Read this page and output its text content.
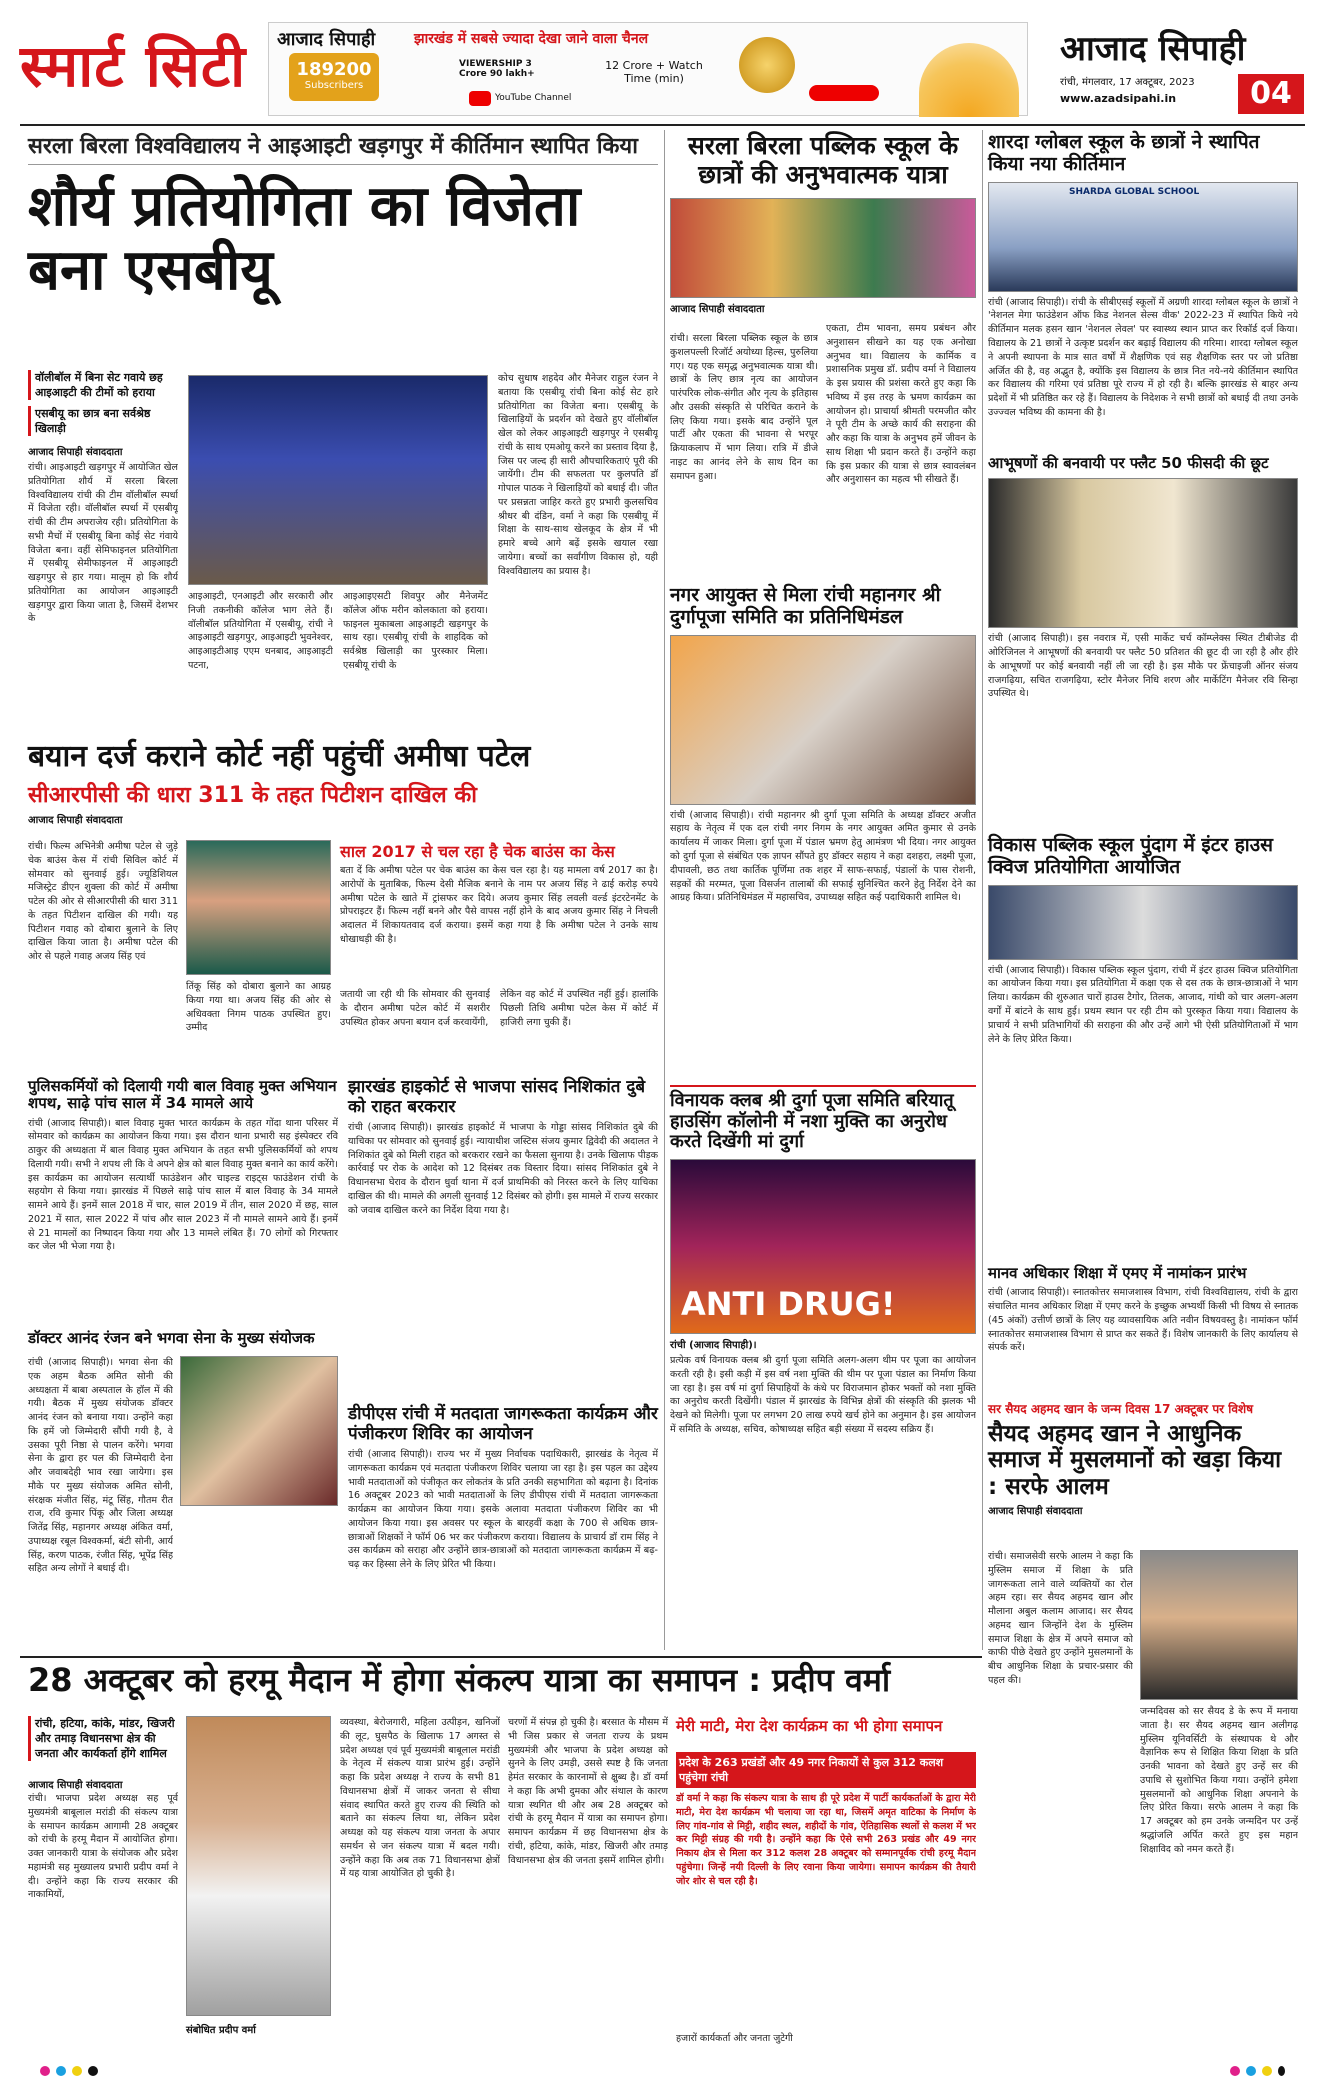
स्मार्ट सिटी आजाद सिपाही
189200
Subscribers
झारखंड में सबसे ज्यादा देखा जाने वाला चैनल
VIEWERSHIP 3 Crore 90 lakh+
12 Crore + Watch Time (min)
YouTube Channel
आजाद सिपाही
रांची, मंगलवार, 17 अक्टूबर, 2023
www.azadsipahi.in	04
सरला बिरला विश्वविद्यालय ने आइआइटी खड़गपुर में कीर्तिमान स्थापित किया
शौर्य प्रतियोगिता का विजेता बना एसबीयू
वॉलीबॉल में बिना सेट गवाये छह आइआइटी की टीमों को हराया
एसबीयू का छात्र बना सर्वश्रेष्ठ खिलाड़ी
आजाद सिपाही संवाददाता
रांची। आइआइटी खड़गपुर में आयोजित खेल प्रतियोगिता शौर्य में सरला बिरला विश्वविद्यालय रांची की टीम वॉलीबॉल स्पर्धा में विजेता रही। वॉलीबॉल स्पर्धा में एसबीयू रांची की टीम अपराजेय रही। प्रतियोगिता के सभी मैचों में एसबीयू बिना कोई सेट गंवाये विजेता बना। वहीं सेमिफाइनल प्रतियोगिता में एसबीयू सेमीफाइनल में आइआइटी खड़गपुर से हार गया। मालूम हो कि शौर्य प्रतियोगिता का आयोजन आइआइटी खड़गपुर द्वारा किया जाता है, जिसमें देशभर के
कोच सुधाष शहदेव और मैनेजर राहुल रंजन ने बताया कि एसबीयू रांची बिना कोई सेट हारे प्रतियोगिता का विजेता बना। एसबीयू के खिलाड़ियों के प्रदर्शन को देखते हुए वॉलीबॉल खेल को लेकर आइआइटी खड़गपुर ने एसबीयू रांची के साथ एमओयू करने का प्रस्ताव दिया है, जिस पर जल्द ही सारी औपचारिकताएं पूरी की जायेंगी। टीम की सफलता पर कुलपति डॉ गोपाल पाठक ने खिलाड़ियों को बधाई दी। जीत पर प्रसन्नता जाहिर करते हुए प्रभारी कुलसचिव श्रीधर बी दंडिन, वर्मा ने कहा कि एसबीयू में शिक्षा के साथ-साथ खेलकूद के क्षेत्र में भी हमारे बच्चे आगे बढ़ें इसके खयाल रखा जायेगा। बच्चों का सर्वांगीण विकास हो, यही विश्वविद्यालय का प्रयास है।
आइआइटी, एनआइटी और सरकारी और निजी तकनीकी कॉलेज भाग लेते हैं। वॉलीबॉल प्रतियोगिता में एसबीयू, रांची ने आइआइटी खड़गपुर, आइआइटी भुवनेश्वर, आइआइटीआइ एएम धनबाद, आइआइटी पटना,
आइआइएसटी शिवपुर और मैनेजमेंट कॉलेज ऑफ मरीन कोलकाता को हराया। फाइनल मुकाबला आइआइटी खड़गपुर के साथ रहा। एसबीयू रांची के शाहदिक को सर्वश्रेष्ठ खिलाड़ी का पुरस्कार मिला। एसबीयू रांची के
सरला बिरला पब्लिक स्कूल के छात्रों की अनुभवात्मक यात्रा
आजाद सिपाही संवाददाता
रांची। सरला बिरला पब्लिक स्कूल के छात्र कुशलपल्ली रिजॉर्ट अयोध्या हिल्स, पुरुलिया गए। यह एक समृद्ध अनुभवात्मक यात्रा थी। छात्रों के लिए छात्र नृत्य का आयोजन पारंपरिक लोक-संगीत और नृत्य के इतिहास और उसकी संस्कृति से परिचित कराने के लिए किया गया। इसके बाद उन्होंने पूल पार्टी और एकता की भावना से भरपूर क्रियाकलाप में भाग लिया। रात्रि में डीजे नाइट का आनंद लेने के साथ दिन का समापन हुआ।
एकता, टीम भावना, समय प्रबंधन और अनुशासन सीखने का यह एक अनोखा अनुभव था। विद्यालय के कार्मिक व प्रशासनिक प्रमुख डॉ. प्रदीप वर्मा ने विद्यालय के इस प्रयास की प्रशंसा करते हुए कहा कि भविष्य में इस तरह के भ्रमण कार्यक्रम का आयोजन हो। प्राचार्या श्रीमती परमजीत कौर ने पूरी टीम के अच्छे कार्य की सराहना की और कहा कि यात्रा के अनुभव हमें जीवन के साथ शिक्षा भी प्रदान करते हैं। उन्होंने कहा कि इस प्रकार की यात्रा से छात्र स्वावलंबन और अनुशासन का महत्व भी सीखते हैं।
नगर आयुक्त से मिला रांची महानगर श्री दुर्गापूजा समिति का प्रतिनिधिमंडल
रांची (आजाद सिपाही)। रांची महानगर श्री दुर्गा पूजा समिति के अध्यक्ष डॉक्टर अजीत सहाय के नेतृत्व में एक दल रांची नगर निगम के नगर आयुक्त अमित कुमार से उनके कार्यालय में जाकर मिला। दुर्गा पूजा में पंडाल भ्रमण हेतु आमंत्रण भी दिया। नगर आयुक्त को दुर्गा पूजा से संबंधित एक ज्ञापन सौंपते हुए डॉक्टर सहाय ने कहा दशहरा, लक्ष्मी पूजा, दीपावली, छठ तथा कार्तिक पूर्णिमा तक शहर में साफ-सफाई, पंडालों के पास रोशनी, सड़कों की मरम्मत, पूजा विसर्जन तालाबों की सफाई सुनिश्चित करने हेतु निर्देश देने का आग्रह किया। प्रतिनिधिमंडल में महासचिव, उपाध्यक्ष सहित कई पदाधिकारी शामिल थे।
विनायक क्लब श्री दुर्गा पूजा समिति बरियातू हाउसिंग कॉलोनी में नशा मुक्ति का अनुरोध करते दिखेंगी मां दुर्गा
ANTI DRUG!
रांची (आजाद सिपाही)।
प्रत्येक वर्ष विनायक क्लब श्री दुर्गा पूजा समिति अलग-अलग थीम पर पूजा का आयोजन करती रही है। इसी कड़ी में इस वर्ष नशा मुक्ति की थीम पर पूजा पंडाल का निर्माण किया जा रहा है। इस वर्ष मां दुर्गा सिपाहियों के कंधे पर विराजमान होकर भक्तों को नशा मुक्ति का अनुरोध करती दिखेंगी। पंडाल में झारखंड के विभिन्न क्षेत्रों की संस्कृति की झलक भी देखने को मिलेगी। पूजा पर लगभग 20 लाख रुपये खर्च होने का अनुमान है। इस आयोजन में समिति के अध्यक्ष, सचिव, कोषाध्यक्ष सहित बड़ी संख्या में सदस्य सक्रिय हैं।
शारदा ग्लोबल स्कूल के छात्रों ने स्थापित किया नया कीर्तिमान
SHARDA GLOBAL SCHOOL
रांची (आजाद सिपाही)। रांची के सीबीएसई स्कूलों में अग्रणी शारदा ग्लोबल स्कूल के छात्रों ने 'नेशनल मेगा फाउंडेशन ऑफ किड नेशनल सेल्स वीक' 2022-23 में स्थापित किये नये कीर्तिमान मलक हसन खान 'नेशनल लेवल' पर स्वास्थ्य स्थान प्राप्त कर रिकॉर्ड दर्ज किया। विद्यालय के 21 छात्रों ने उत्कृष्ट प्रदर्शन कर बढ़ाई विद्यालय की गरिमा। शारदा ग्लोबल स्कूल ने अपनी स्थापना के मात्र सात वर्षों में शैक्षणिक एवं सह शैक्षणिक स्तर पर जो प्रतिष्ठा अर्जित की है, वह अद्भुत है, क्योंकि इस विद्यालय के छात्र नित नये-नये कीर्तिमान स्थापित कर विद्यालय की गरिमा एवं प्रतिष्ठा पूरे राज्य में हो रही है। बल्कि झारखंड से बाहर अन्य प्रदेशों में भी प्रतिष्ठित कर रहे हैं। विद्यालय के निदेशक ने सभी छात्रों को बधाई दी तथा उनके उज्ज्वल भविष्य की कामना की है।
आभूषणों की बनवायी पर फ्लैट 50 फीसदी की छूट
रांची (आजाद सिपाही)। इस नवरात्र में, एसी मार्केट चर्च कॉम्प्लेक्स स्थित टीबीजेड दी ओरिजिनल ने आभूषणों की बनवायी पर फ्लैट 50 प्रतिशत की छूट दी जा रही है और हीरे के आभूषणों पर कोई बनवायी नहीं ली जा रही है। इस मौके पर फ्रेंचाइजी ऑनर संजय राजगढ़िया, सचित राजगढ़िया, स्टोर मैनेजर निधि शरण और मार्केटिंग मैनेजर रवि सिन्हा उपस्थित थे।
विकास पब्लिक स्कूल पुंदाग में इंटर हाउस क्विज प्रतियोगिता आयोजित
रांची (आजाद सिपाही)। विकास पब्लिक स्कूल पुंदाग, रांची में इंटर हाउस क्विज प्रतियोगिता का आयोजन किया गया। इस प्रतियोगिता में कक्षा एक से दस तक के छात्र-छात्राओं ने भाग लिया। कार्यक्रम की शुरुआत चारों हाउस टैगोर, तिलक, आजाद, गांधी को चार अलग-अलग वर्गों में बांटने के साथ हुई। प्रथम स्थान पर रही टीम को पुरस्कृत किया गया। विद्यालय के प्राचार्य ने सभी प्रतिभागियों की सराहना की और उन्हें आगे भी ऐसी प्रतियोगिताओं में भाग लेने के लिए प्रेरित किया।
मानव अधिकार शिक्षा में एमए में नामांकन प्रारंभ
रांची (आजाद सिपाही)। स्नातकोत्तर समाजशास्त्र विभाग, रांची विश्वविद्यालय, रांची के द्वारा संचालित मानव अधिकार शिक्षा में एमए करने के इच्छुक अभ्यर्थी किसी भी विषय से स्नातक (45 अंकों) उत्तीर्ण छात्रों के लिए यह व्यावसायिक अति नवीन विषयवस्तु है। नामांकन फॉर्म स्नातकोत्तर समाजशास्त्र विभाग से प्राप्त कर सकते हैं। विशेष जानकारी के लिए कार्यालय से संपर्क करें।
सर सैयद अहमद खान के जन्म दिवस 17 अक्टूबर पर विशेष
सैयद अहमद खान ने आधुनिक समाज में मुसलमानों को खड़ा किया : सरफे आलम
आजाद सिपाही संवाददाता
रांची। समाजसेवी सरफे आलम ने कहा कि मुस्लिम समाज में शिक्षा के प्रति जागरूकता लाने वाले व्यक्तियों का रोल अहम रहा। सर सैयद अहमद खान और मौलाना अबुल कलाम आजाद। सर सैयद अहमद खान जिन्होंने देश के मुस्लिम समाज शिक्षा के क्षेत्र में अपने समाज को काफी पीछे देखते हुए उन्होंने मुसलमानों के बीच आधुनिक शिक्षा के प्रचार-प्रसार की पहल की।
जन्मदिवस को सर सैयद डे के रूप में मनाया जाता है। सर सैयद अहमद खान अलीगढ़ मुस्लिम यूनिवर्सिटी के संस्थापक थे और वैज्ञानिक रूप से शिक्षित किया शिक्षा के प्रति उनकी भावना को देखते हुए उन्हें सर की उपाधि से सुशोभित किया गया। उन्होंने हमेशा मुसलमानों को आधुनिक शिक्षा अपनाने के लिए प्रेरित किया। सरफे आलम ने कहा कि 17 अक्टूबर को हम उनके जन्मदिन पर उन्हें श्रद्धांजलि अर्पित करते हुए इस महान शिक्षाविद को नमन करते हैं।
बयान दर्ज कराने कोर्ट नहीं पहुंचीं अमीषा पटेल
सीआरपीसी की धारा 311 के तहत पिटीशन दाखिल की
आजाद सिपाही संवाददाता
रांची। फिल्म अभिनेत्री अमीषा पटेल से जुड़े चेक बाउंस केस में रांची सिविल कोर्ट में सोमवार को सुनवाई हुई। ज्यूडिशियल मजिस्ट्रेट डीएन शुक्ला की कोर्ट में अमीषा पटेल की ओर से सीआरपीसी की धारा 311 के तहत पिटीशन दाखिल की गयी। यह पिटीशन गवाह को दोबारा बुलाने के लिए दाखिल किया जाता है। अमीषा पटेल की ओर से पहले गवाह अजय सिंह एवं
तिंकू सिंह को दोबारा बुलाने का आग्रह किया गया था। अजय सिंह की ओर से अधिवक्ता निगम पाठक उपस्थित हुए। उम्मीद
साल 2017 से चल रहा है चेक बाउंस का केस
बता दें कि अमीषा पटेल पर चेक बाउंस का केस चल रहा है। यह मामला वर्ष 2017 का है। आरोपों के मुताबिक, फिल्म देसी मैजिक बनाने के नाम पर अजय सिंह ने ढाई करोड़ रुपये अमीषा पटेल के खाते में ट्रांसफर कर दिये। अजय कुमार सिंह लवली वर्ल्ड इंटरटेनमेंट के प्रोपराइटर हैं। फिल्म नहीं बनने और पैसे वापस नहीं होने के बाद अजय कुमार सिंह ने निचली अदालत में शिकायतवाद दर्ज कराया। इसमें कहा गया है कि अमीषा पटेल ने उनके साथ धोखाधड़ी की है।
जतायी जा रही थी कि सोमवार की सुनवाई के दौरान अमीषा पटेल कोर्ट में सशरीर उपस्थित होकर अपना बयान दर्ज करवायेंगी,
लेकिन वह कोर्ट में उपस्थित नहीं हुई। हालांकि पिछली तिथि अमीषा पटेल केस में कोर्ट में हाजिरी लगा चुकी हैं।
पुलिसकर्मियों को दिलायी गयी बाल विवाह मुक्त अभियान शपथ, साढ़े पांच साल में 34 मामले आये
रांची (आजाद सिपाही)। बाल विवाह मुक्त भारत कार्यक्रम के तहत गोंदा थाना परिसर में सोमवार को कार्यक्रम का आयोजन किया गया। इस दौरान थाना प्रभारी सह इंस्पेक्टर रवि ठाकुर की अध्यक्षता में बाल विवाह मुक्त अभियान के तहत सभी पुलिसकर्मियों को शपथ दिलायी गयी। सभी ने शपथ ली कि वे अपने क्षेत्र को बाल विवाह मुक्त बनाने का कार्य करेंगे। इस कार्यक्रम का आयोजन सत्यार्थी फाउंडेशन और चाइल्ड राइट्स फाउंडेशन रांची के सहयोग से किया गया। झारखंड में पिछले साढ़े पांच साल में बाल विवाह के 34 मामले सामने आये हैं। इनमें साल 2018 में चार, साल 2019 में तीन, साल 2020 में छह, साल 2021 में सात, साल 2022 में पांच और साल 2023 में नौ मामले सामने आये हैं। इनमें से 21 मामलों का निष्पादन किया गया और 13 मामले लंबित हैं। 70 लोगों को गिरफ्तार कर जेल भी भेजा गया है।
डॉक्टर आनंद रंजन बने भगवा सेना के मुख्य संयोजक
रांची (आजाद सिपाही)। भगवा सेना की एक अहम बैठक अमित सोनी की अध्यक्षता में बाबा अस्पताल के हॉल में की गयी। बैठक में मुख्य संयोजक डॉक्टर आनंद रंजन को बनाया गया। उन्होंने कहा कि हमें जो जिम्मेदारी सौंपी गयी है, वे उसका पूरी निष्ठा से पालन करेंगे। भगवा सेना के द्वारा हर पल की जिम्मेदारी देना और जवाबदेही भाव रखा जायेगा। इस मौके पर मुख्य संयोजक अमित सोनी, संरक्षक मंजीत सिंह, मंटू सिंह, गौतम रीत राज, रवि कुमार पिंकू और जिला अध्यक्ष जितेंद्र सिंह, महानगर अध्यक्ष अंकित वर्मा, उपाध्यक्ष रबूल विश्वकर्मा, बंटी सोनी, आर्य सिंह, करण पाठक, रंजीत सिंह, भूपेंद्र सिंह सहित अन्य लोगों ने बधाई दी।
झारखंड हाइकोर्ट से भाजपा सांसद निशिकांत दुबे को राहत बरकरार
रांची (आजाद सिपाही)। झारखंड हाइकोर्ट में भाजपा के गोड्डा सांसद निशिकांत दुबे की याचिका पर सोमवार को सुनवाई हुई। न्यायाधीश जस्टिस संजय कुमार द्विवेदी की अदालत ने निशिकांत दुबे को मिली राहत को बरकरार रखने का फैसला सुनाया है। उनके खिलाफ पीड़क कार्रवाई पर रोक के आदेश को 12 दिसंबर तक विस्तार दिया। सांसद निशिकांत दुबे ने विधानसभा घेराव के दौरान धुर्वा थाना में दर्ज प्राथमिकी को निरस्त करने के लिए याचिका दाखिल की थी। मामले की अगली सुनवाई 12 दिसंबर को होगी। इस मामले में राज्य सरकार को जवाब दाखिल करने का निर्देश दिया गया है।
डीपीएस रांची में मतदाता जागरूकता कार्यक्रम और पंजीकरण शिविर का आयोजन
रांची (आजाद सिपाही)। राज्य भर में मुख्य निर्वाचक पदाधिकारी, झारखंड के नेतृत्व में जागरूकता कार्यक्रम एवं मतदाता पंजीकरण शिविर चलाया जा रहा है। इस पहल का उद्देश्य भावी मतदाताओं को पंजीकृत कर लोकतंत्र के प्रति उनकी सहभागिता को बढ़ाना है। दिनांक 16 अक्टूबर 2023 को भावी मतदाताओं के लिए डीपीएस रांची में मतदाता जागरूकता कार्यक्रम का आयोजन किया गया। इसके अलावा मतदाता पंजीकरण शिविर का भी आयोजन किया गया। इस अवसर पर स्कूल के बारहवीं कक्षा के 700 से अधिक छात्र-छात्राओं शिक्षकों ने फॉर्म 06 भर कर पंजीकरण कराया। विद्यालय के प्राचार्य डॉ राम सिंह ने उस कार्यक्रम को सराहा और उन्होंने छात्र-छात्राओं को मतदाता जागरूकता कार्यक्रम में बढ़-चढ़ कर हिस्सा लेने के लिए प्रेरित भी किया।
28 अक्टूबर को हरमू मैदान में होगा संकल्प यात्रा का समापन : प्रदीप वर्मा
रांची, हटिया, कांके, मांडर, खिजरी और तमाड़ विधानसभा क्षेत्र की जनता और कार्यकर्ता होंगे शामिल
आजाद सिपाही संवाददाता
रांची। भाजपा प्रदेश अध्यक्ष सह पूर्व मुख्यमंत्री बाबूलाल मरांडी की संकल्प यात्रा के समापन कार्यक्रम आगामी 28 अक्टूबर को रांची के हरमू मैदान में आयोजित होगा। उक्त जानकारी यात्रा के संयोजक और प्रदेश महामंत्री सह मुख्यालय प्रभारी प्रदीप वर्मा ने दी। उन्होंने कहा कि राज्य सरकार की नाकामियों,
संबोधित प्रदीप वर्मा
व्यवस्था, बेरोजगारी, महिला उत्पीड़न, खनिजों की लूट, घुसपैठ के खिलाफ 17 अगस्त से प्रदेश अध्यक्ष एवं पूर्व मुख्यमंत्री बाबूलाल मरांडी के नेतृत्व में संकल्प यात्रा प्रारंभ हुई। उन्होंने कहा कि प्रदेश अध्यक्ष ने राज्य के सभी 81 विधानसभा क्षेत्रों में जाकर जनता से सीधा संवाद स्थापित करते हुए राज्य की स्थिति को बताने का संकल्प लिया था, लेकिन प्रदेश अध्यक्ष को यह संकल्प यात्रा जनता के अपार समर्थन से जन संकल्प यात्रा में बदल गयी। उन्होंने कहा कि अब तक 71 विधानसभा क्षेत्रों में यह यात्रा आयोजित हो चुकी है।
चरणों में संपन्न हो चुकी है। बरसात के मौसम में भी जिस प्रकार से जनता राज्य के प्रथम मुख्यमंत्री और भाजपा के प्रदेश अध्यक्ष को सुनने के लिए उमड़ी, उससे स्पष्ट है कि जनता हेमंत सरकार के कारनामों से क्षुब्ध है। डॉ वर्मा ने कहा कि अभी दुमका और संथाल के कारण यात्रा स्थगित थी और अब 28 अक्टूबर को रांची के हरमू मैदान में यात्रा का समापन होगा। समापन कार्यक्रम में छह विधानसभा क्षेत्र के रांची, हटिया, कांके, मांडर, खिजरी और तमाड़ विधानसभा क्षेत्र की जनता इसमें शामिल होगी।
मेरी माटी, मेरा देश कार्यक्रम का भी होगा समापन
प्रदेश के 263 प्रखंडों और 49 नगर निकायों से कुल 312 कलश पहुंचेगा रांची
डॉ वर्मा ने कहा कि संकल्प यात्रा के साथ ही पूरे प्रदेश में पार्टी कार्यकर्ताओं के द्वारा मेरी माटी, मेरा देश कार्यक्रम भी चलाया जा रहा था, जिसमें अमृत वाटिका के निर्माण के लिए गांव-गांव से मिट्टी, शहीद स्थल, शहीदों के गांव, ऐतिहासिक स्थलों से कलश में भर कर मिट्टी संग्रह की गयी है। उन्होंने कहा कि ऐसे सभी 263 प्रखंड और 49 नगर निकाय क्षेत्र से मिला कर 312 कलश 28 अक्टूबर को सम्मानपूर्वक रांची हरमू मैदान पहुंचेगा। जिन्हें नयी दिल्ली के लिए रवाना किया जायेगा। समापन कार्यक्रम की तैयारी जोर शोर से चल रही है।
हजारों कार्यकर्ता और जनता जुटेगी
